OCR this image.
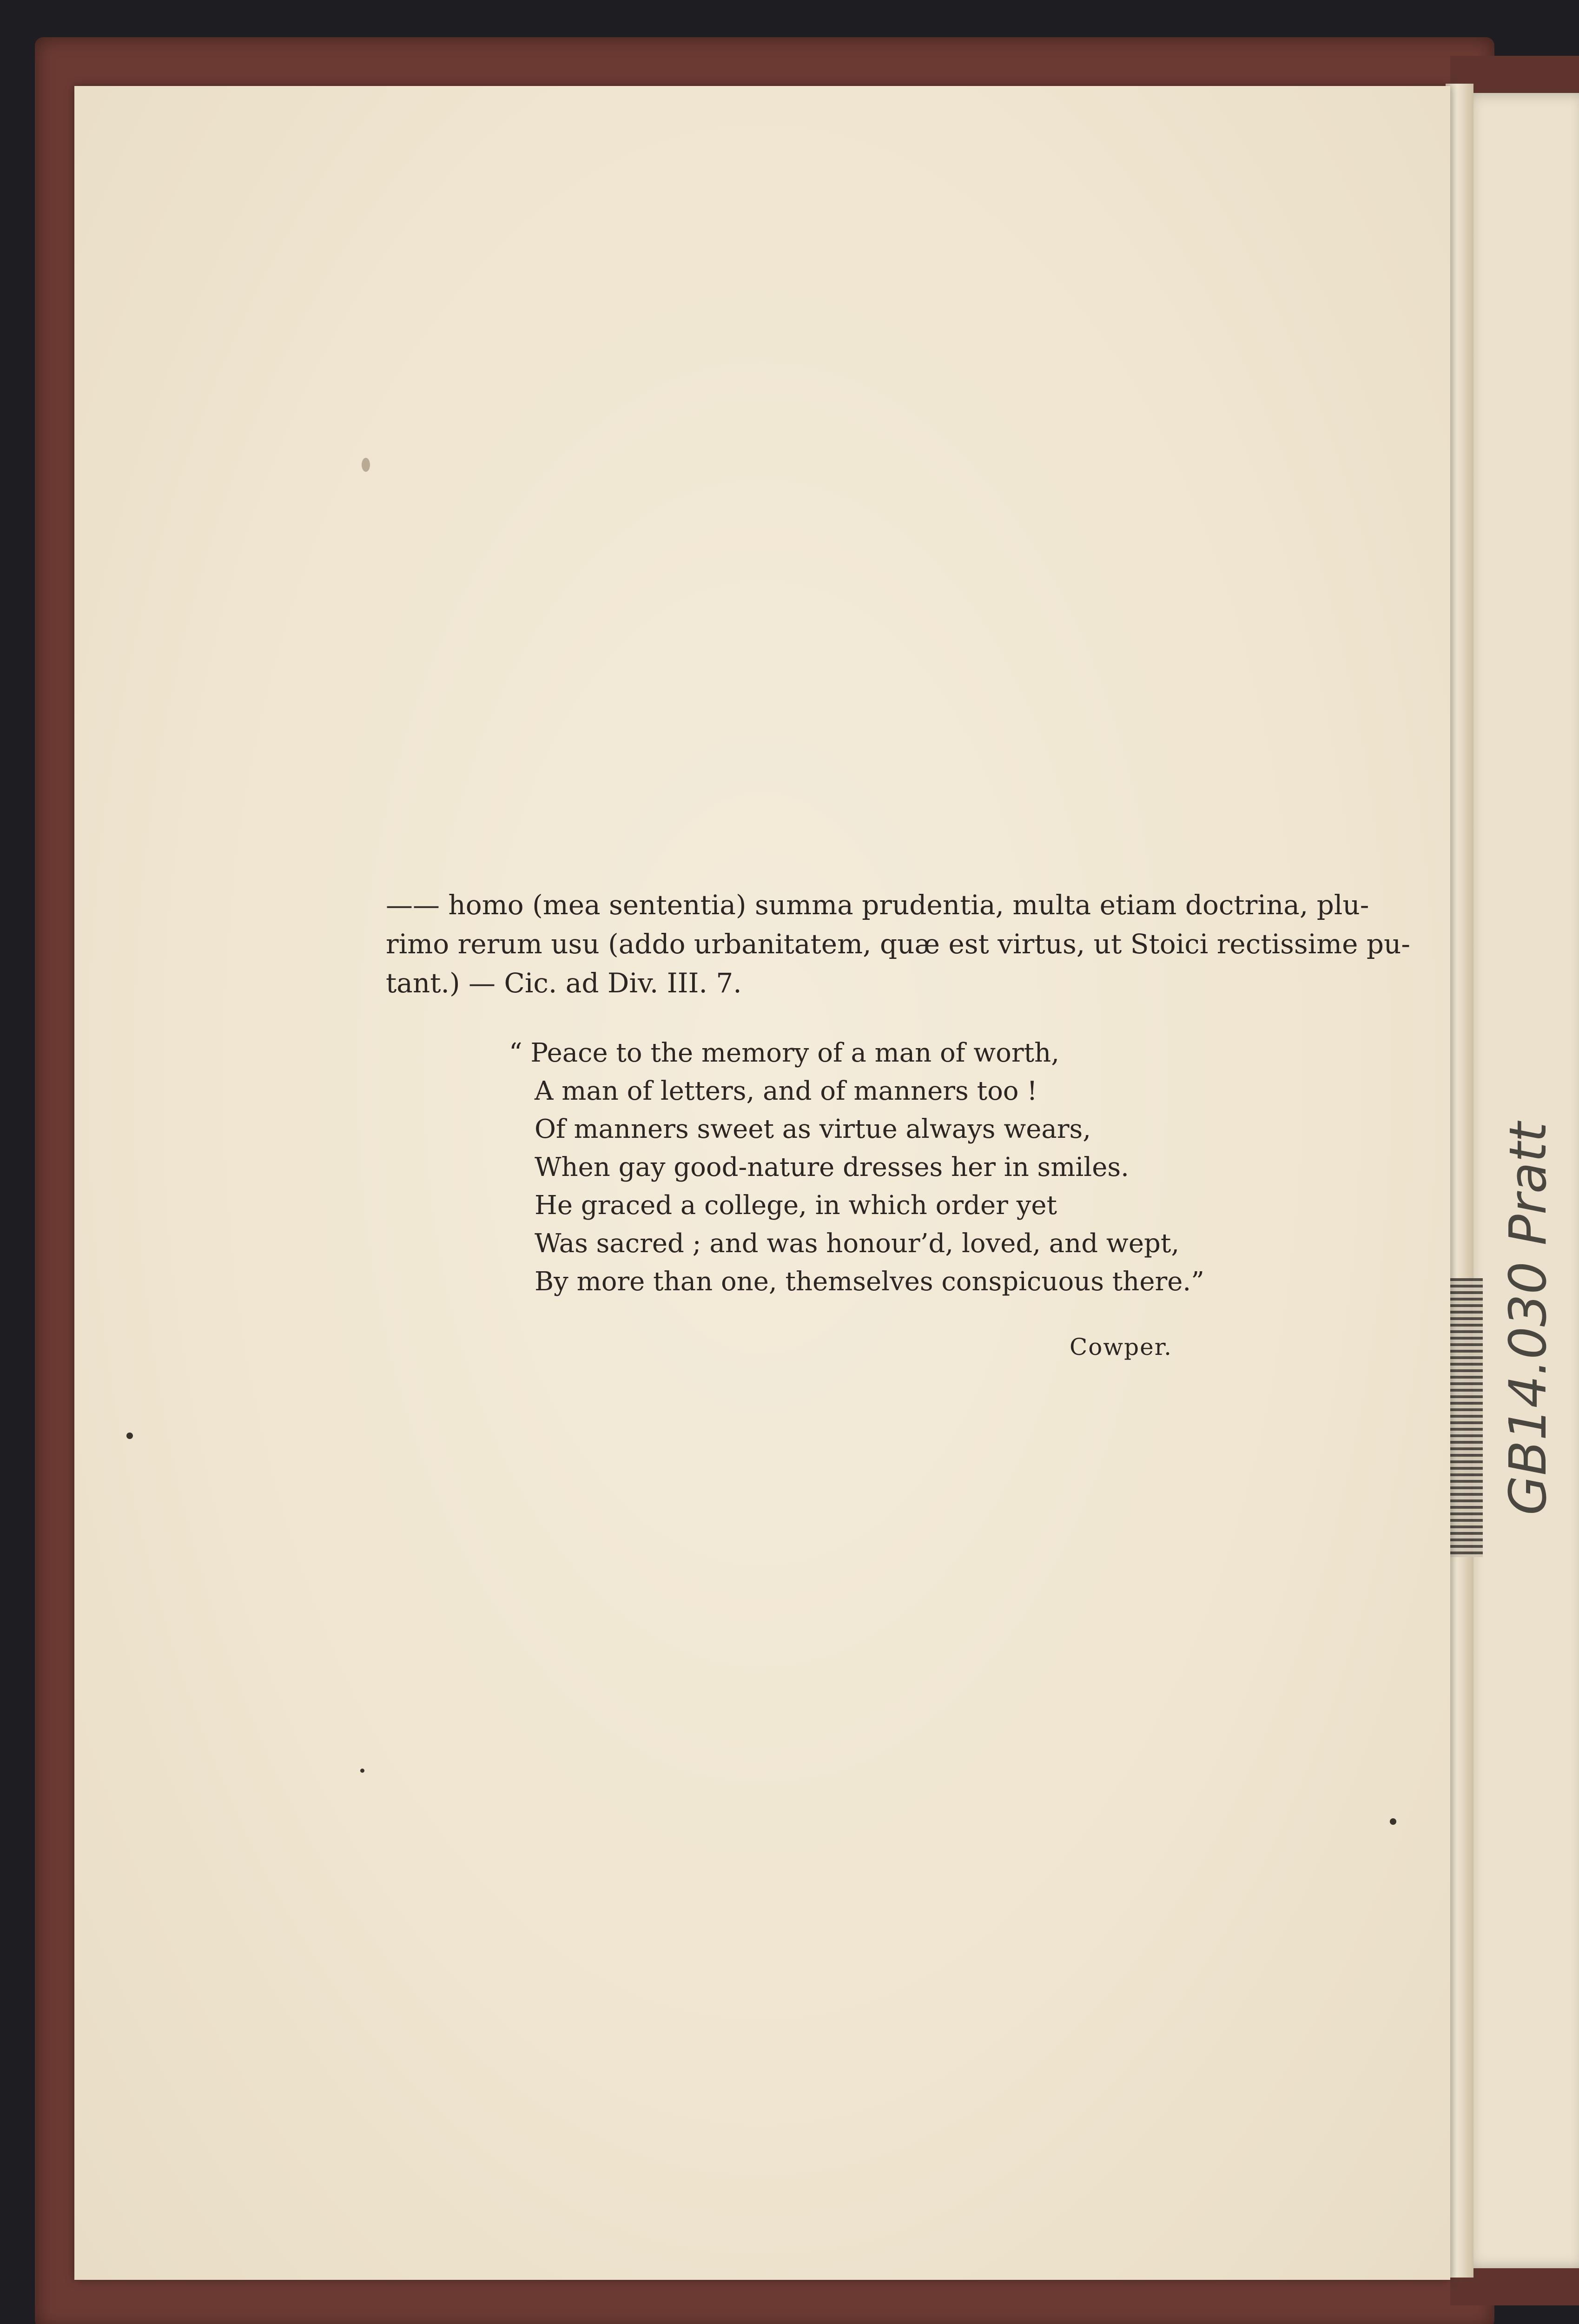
—— homo (mea sententia) summa prudentia, multa etiam doctrina, plu-
rimo rerum usu (addo urbanitatem, quæ est virtus, ut Stoici rectissime pu-
tant.) — Cic. ad Div. III. 7.
“ Peace to the memory of a man of worth,
A man of letters, and of manners too !
Of manners sweet as virtue always wears,
When gay good-nature dresses her in smiles.
He graced a college, in which order yet
Was sacred ; and was honour’d, loved, and wept,
By more than one, themselves conspicuous there.”
Cowper.	GB14.030 Pratt
